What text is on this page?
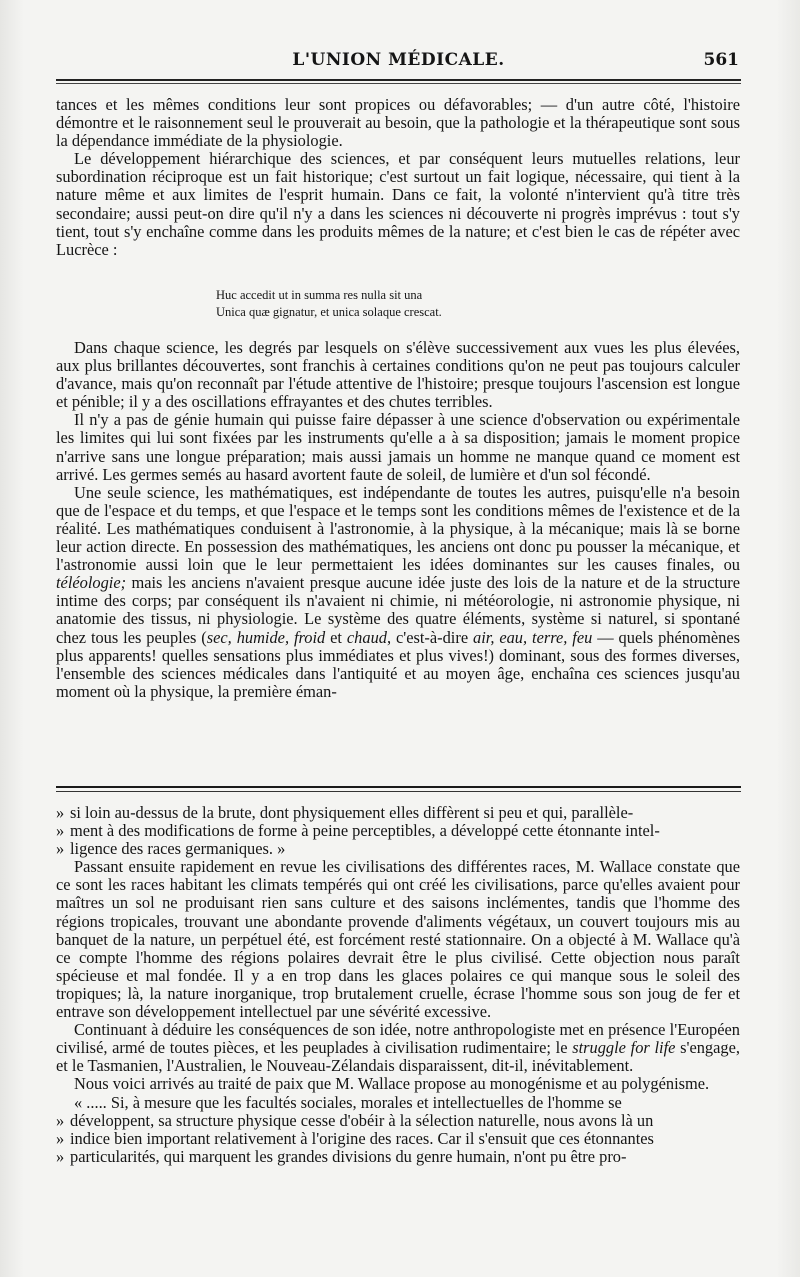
L'UNION MÉDICALE.	561

tances et les mêmes conditions leur sont propices ou défavorables; — d'un autre côté, l'histoire démontre et le raisonnement seul le prouverait au besoin, que la pathologie et la thérapeutique sont sous la dépendance immédiate de la physiologie.

Le développement hiérarchique des sciences, et par conséquent leurs mutuelles relations, leur subordination réciproque est un fait historique; c'est surtout un fait logique, nécessaire, qui tient à la nature même et aux limites de l'esprit humain. Dans ce fait, la volonté n'intervient qu'à titre très secondaire; aussi peut-on dire qu'il n'y a dans les sciences ni découverte ni progrès imprévus : tout s'y tient, tout s'y enchaîne comme dans les produits mêmes de la nature; et c'est bien le cas de répéter avec Lucrèce :

Huc accedit ut in summa res nulla sit una
Unica quæ gignatur, et unica solaque crescat.

Dans chaque science, les degrés par lesquels on s'élève successivement aux vues les plus élevées, aux plus brillantes découvertes, sont franchis à certaines conditions qu'on ne peut pas toujours calculer d'avance, mais qu'on reconnaît par l'étude attentive de l'histoire; presque toujours l'ascension est longue et pénible; il y a des oscillations effrayantes et des chutes terribles.

Il n'y a pas de génie humain qui puisse faire dépasser à une science d'observation ou expérimentale les limites qui lui sont fixées par les instruments qu'elle a à sa disposition; jamais le moment propice n'arrive sans une longue préparation; mais aussi jamais un homme ne manque quand ce moment est arrivé. Les germes semés au hasard avortent faute de soleil, de lumière et d'un sol fécondé.

Une seule science, les mathématiques, est indépendante de toutes les autres, puisqu'elle n'a besoin que de l'espace et du temps, et que l'espace et le temps sont les conditions mêmes de l'existence et de la réalité. Les mathématiques conduisent à l'astronomie, à la physique, à la mécanique; mais là se borne leur action directe. En possession des mathématiques, les anciens ont donc pu pousser la mécanique, et l'astronomie aussi loin que le leur permettaient les idées dominantes sur les causes finales, ou téléologie; mais les anciens n'avaient presque aucune idée juste des lois de la nature et de la structure intime des corps; par conséquent ils n'avaient ni chimie, ni météorologie, ni astronomie physique, ni anatomie des tissus, ni physiologie. Le système des quatre éléments, système si naturel, si spontané chez tous les peuples (sec, humide, froid et chaud, c'est-à-dire air, eau, terre, feu — quels phénomènes plus apparents! quelles sensations plus immédiates et plus vives!) dominant, sous des formes diverses, l'ensemble des sciences médicales dans l'antiquité et au moyen âge, enchaîna ces sciences jusqu'au moment où la physique, la première éman-

» si loin au-dessus de la brute, dont physiquement elles diffèrent si peu et qui, parallèle-

» ment à des modifications de forme à peine perceptibles, a développé cette étonnante intel-

» ligence des races germaniques. »

Passant ensuite rapidement en revue les civilisations des différentes races, M. Wallace constate que ce sont les races habitant les climats tempérés qui ont créé les civilisations, parce qu'elles avaient pour maîtres un sol ne produisant rien sans culture et des saisons inclémentes, tandis que l'homme des régions tropicales, trouvant une abondante provende d'aliments végétaux, un couvert toujours mis au banquet de la nature, un perpétuel été, est forcément resté stationnaire. On a objecté à M. Wallace qu'à ce compte l'homme des régions polaires devrait être le plus civilisé. Cette objection nous paraît spécieuse et mal fondée. Il y a en trop dans les glaces polaires ce qui manque sous le soleil des tropiques; là, la nature inorganique, trop brutalement cruelle, écrase l'homme sous son joug de fer et entrave son développement intellectuel par une sévérité excessive.

Continuant à déduire les conséquences de son idée, notre anthropologiste met en présence l'Européen civilisé, armé de toutes pièces, et les peuplades à civilisation rudimentaire; le struggle for life s'engage, et le Tasmanien, l'Australien, le Nouveau-Zélandais disparaissent, dit-il, inévitablement.

Nous voici arrivés au traité de paix que M. Wallace propose au monogénisme et au polygénisme.

« ..... Si, à mesure que les facultés sociales, morales et intellectuelles de l'homme se

» développent, sa structure physique cesse d'obéir à la sélection naturelle, nous avons là un

» indice bien important relativement à l'origine des races. Car il s'ensuit que ces étonnantes

» particularités, qui marquent les grandes divisions du genre humain, n'ont pu être pro-
